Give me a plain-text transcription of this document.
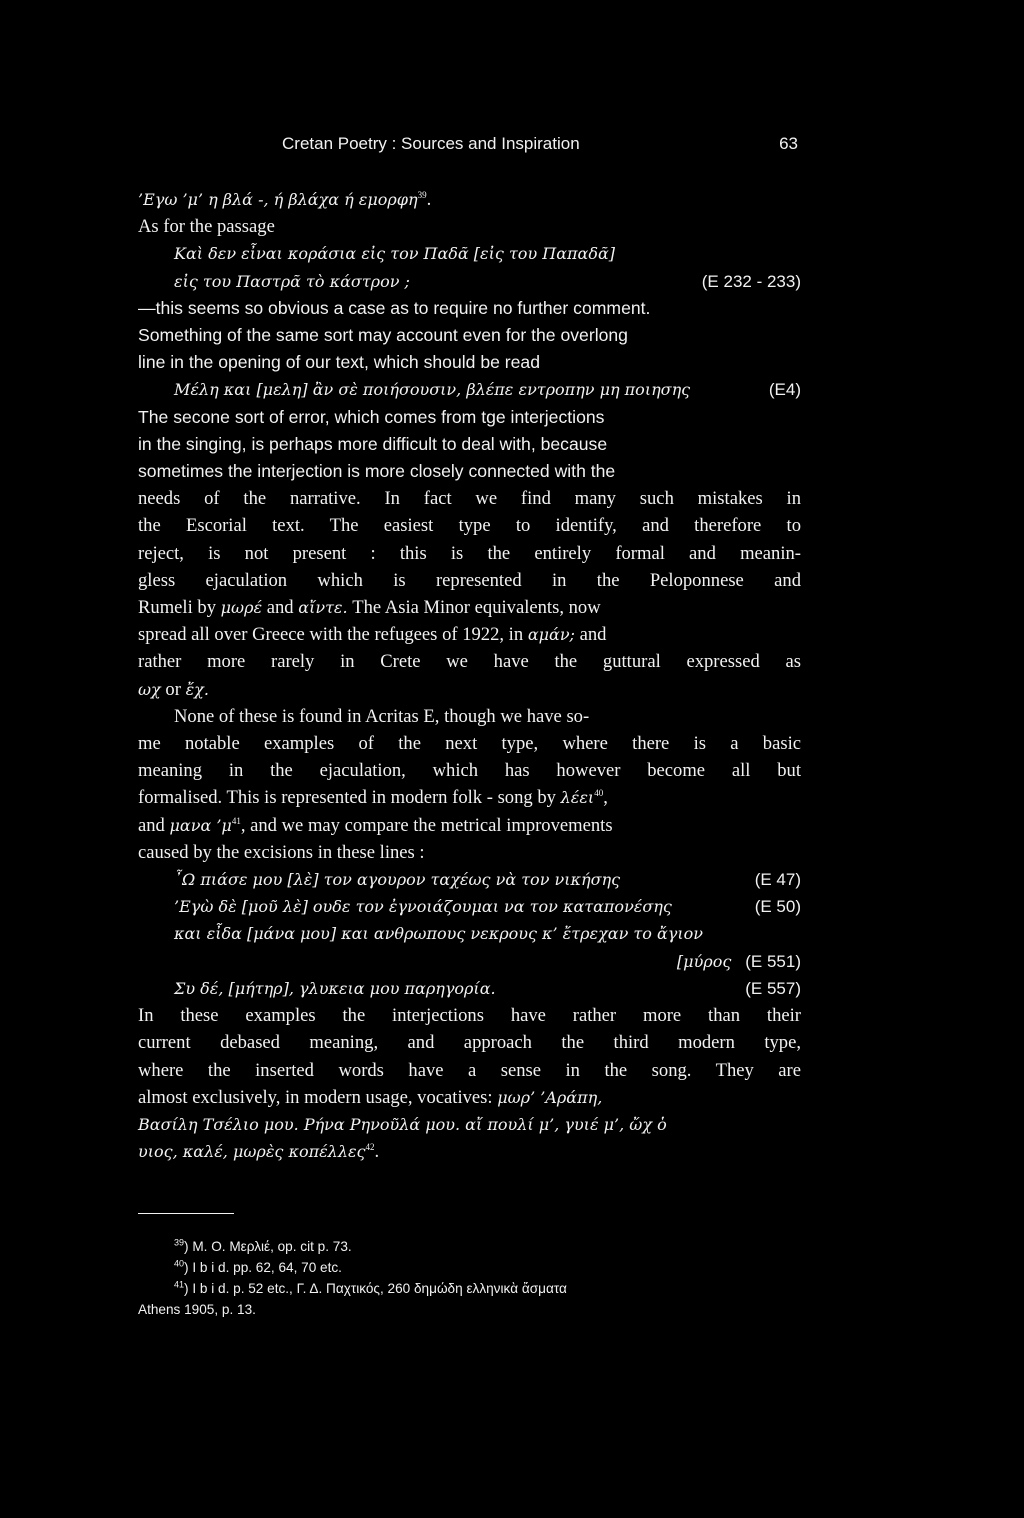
Cretan Poetry : Sources and Inspiration	63
’Εγω ’μ’ η βλά -, ή βλάχα ή εμορφη$^{39}$.
As for the passage
Καὶ δεν εἶναι κοράσια εἰς τον Παδᾶ [εἰς του Παπαδᾶ]
εἰς του Παστρᾶ τὸ κάστρον ;	(E 232 - 233)
—this seems so obvious a case as to require no further comment.
Something of the same sort may account even for the overlong
line in the opening of our text, which should be read
Μέλη και [μελη] ἂν σὲ ποιήσουσιν, βλέπε εντροπην μη ποιησης	(E4)
The secone sort of error, which comes from tge interjections
in the singing, is perhaps more difficult to deal with, because
sometimes the interjection is more closely connected with the
needs of the narrative. In fact we find many such mistakes in
the Escorial text. The easiest type to identify, and therefore to
reject, is not present : this is the entirely formal and meanin-
gless ejaculation which is represented in the Peloponnese and
Rumeli by μωρέ and αἴντε. The Asia Minor equivalents, now
spread all over Greece with the refugees of 1922, in αμάν; and
rather more rarely in Crete we have the guttural expressed as
ωχ or ἔχ.
None of these is found in Acritas E, though we have so-
me notable examples of the next type, where there is a basic
meaning in the ejaculation, which has however become all but
formalised. This is represented in modern folk - song by λέει$^{40}$,
and μανα $’\mu^{41}$, and we may compare the metrical improvements
caused by the excisions in these lines :
῏Ω πιάσε μου [λὲ] τον αγουρον ταχέως νὰ τον νικήσης	(E 47)
’Εγὼ δὲ [μοῦ λὲ] ουδε τον ἐγνοιάζουμαι να τον καταπονέσης	(E 50)
και εἶδα [μάνα μου] και ανθρωπους νεκρους κ’ ἔτρεχαν το ἄγιον
[μύρος (E 551)
Συ δέ, [μήτηρ], γλυκεια μου παρηγορία.	(E 557)
In these examples the interjections have rather more than their
current debased meaning, and approach the third modern type,
where the inserted words have a sense in the song. They are
almost exclusively, in modern usage, vocatives: μωρ’ ’Αράπη,
Βασίλη Τσέλιο μου. Ρήνα Ρηνοῦλά μου. αἴ πουλί μ’, γυιέ μ’, ὤχ ὁ
υιος, καλέ, μωρὲς κοπέλλες$^{42}$.
$^{39}$) M. O. Μερλιέ, op. cit p. 73.
$^{40}$) I b i d. pp. 62, 64, 70 etc.
$^{41}$) I b i d. p. 52 etc., Γ. Δ. Παχτικός, 260 δημώδη ελληνικὰ ἄσματα
Athens 1905, p. 13.
